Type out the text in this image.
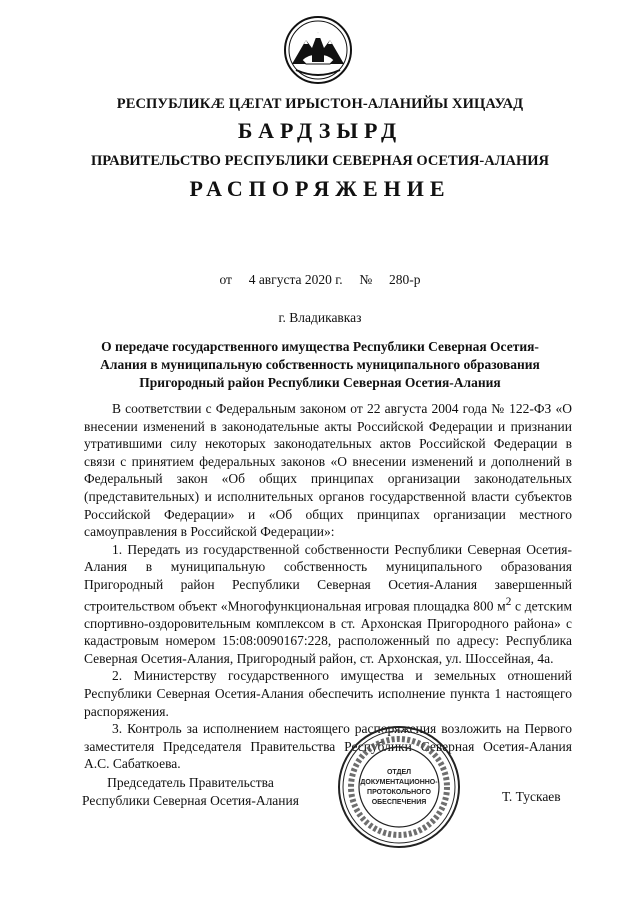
РЕСПУБЛИКӔ ЦӔГАТ ИРЫСТОН-АЛАНИЙЫ ХИЦАУАД
БАРДЗЫРД
ПРАВИТЕЛЬСТВО РЕСПУБЛИКИ СЕВЕРНАЯ ОСЕТИЯ-АЛАНИЯ
РАСПОРЯЖЕНИЕ
от 4 августа 2020 г. № 280-р
г. Владикавказ
О передаче государственного имущества Республики Северная Осетия-Алания в муниципальную собственность муниципального образования Пригородный район Республики Северная Осетия-Алания

В соответствии с Федеральным законом от 22 августа 2004 года № 122-ФЗ «О внесении изменений в законодательные акты Российской Федерации и признании утратившими силу некоторых законодательных актов Российской Федерации в связи с принятием федеральных законов «О внесении изменений и дополнений в Федеральный закон «Об общих принципах организации законодательных (представительных) и исполнительных органов государственной власти субъектов Российской Федерации» и «Об общих принципах организации местного самоуправления в Российской Федерации»:

1. Передать из государственной собственности Республики Северная Осетия-Алания в муниципальную собственность муниципального образования Пригородный район Республики Северная Осетия-Алания завершенный строительством объект «Многофункциональная игровая площадка 800 $м^2$ с детским спортивно-оздоровительным комплексом в ст. Архонская Пригородного района» с кадастровым номером 15:08:0090167:228, расположенный по адресу: Республика Северная Осетия-Алания, Пригородный район, ст. Архонская, ул. Шоссейная, 4а.

2. Министерству государственного имущества и земельных отношений Республики Северная Осетия-Алания обеспечить исполнение пункта 1 настоящего распоряжения.

3. Контроль за исполнением настоящего распоряжения возложить на Первого заместителя Председателя Правительства Республики Северная Осетия-Алания А.С. Сабаткоева.

Председатель Правительства
Республики Северная Осетия-Алания	Т. Тускаев
ОТДЕЛ
ДОКУМЕНТАЦИОННО-
ПРОТОКОЛЬНОГО
ОБЕСПЕЧЕНИЯ
